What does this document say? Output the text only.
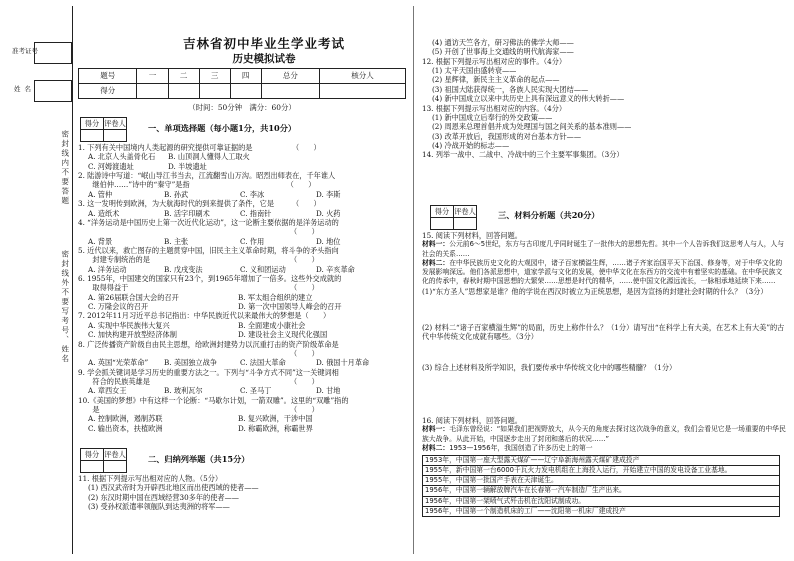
准考证号
姓名
密封线内不要答题
密封线外不要写考号、姓名
吉林省初中毕业生学业考试
历史模拟试卷
题号	一	二	三	四	总分	核分人
得分						
（时间：50分钟　满分：60分）
得分	评卷人
		一、单项选择题（每小题1分，共10分）

1. 下列有关中国境内人类起源的研究提供可靠证据的是　　　　　　（　　）

A. 北京人头盖骨化石 B. 山顶洞人懂得人工取火

C. 河姆渡遗址	D. 半坡遗址

2. 陆游诗中写道：“岷山导江书当去，江流翻雪山万沟。昭烈出师表在，千年谁人

　　继伯仲……”诗中的“秦守”是指　　　　　　　　　　　　　　（　　）

A. 管仲	B. 孙武	C. 李冰	D. 李斯

3. 这一发明传到欧洲，为大航海时代的到来提供了条件，它是　　　（　　）

A. 造纸术	B. 活字印刷术	C. 指南针	D. 火药

4. “洋务运动是中国历史上第一次近代化运动”，这一论断主要依据的是洋务运动的

　　　　　　　　　　　　　　　　　　　　　　　　　　　　　　（　　）

A. 背景	B. 主张	C. 作用	D. 地位

5. 近代以来，救亡图存的主题贯穿中国，旧民主主义革命时期，将斗争的矛头指向

　　封建专制统治的是　　　　　　　　　　　　　　　　　　　　（　　）

A. 洋务运动	B. 戊戌变法	C. 义和团运动	D. 辛亥革命

6. 1955年，中国建交的国家只有23个，到1965年增加了一倍多。这些外交成就的

　　取得得益于　　　　　　　　　　　　　　　　　　　　　　　（　　）

A. 第26届联合国大会的召开	B. 军太组合组织的建立

C. 万隆会议的召开	D. 第一次中国领导人峰会的召开

7. 2012年11月习近平总书记指出：中华民族近代以来最伟大的梦想是（　　）

A. 实现中华民族伟大复兴	B. 全面建成小康社会

C. 加快构建开放型经济体制	D. 建设社会主义现代化强国

8. 广泛传播资产阶级自由民主思想，给欧洲封建势力以沉重打击的资产阶级革命是

　　　　　　　　　　　　　　　　　　　　　　　　　　　　　　（　　）

A. 英国“光荣革命” B. 美国独立战争	C. 法国大革命	D. 俄国十月革命

9. 学会抓关键词是学习历史的重要方法之一。下列与“斗争方式不同”这一关键词相

　　符合的民族英雄是　　　　　　　　　　　　　　　　　　　　（　　）

A. 章西女王	B. 玻利瓦尔	C. 圣马丁	D. 甘地

10.《美国的梦想》中有这样一个论断：“马歇尔计划，一箭双雕”。这里的“双雕”指的

　　是　　　　　　　　　　　　　　　　　　　　　　　　　　　（　　）

A. 控制欧洲，遏制苏联	B. 复兴欧洲，干涉中国

C. 输出资本，扶植欧洲	D. 称霸欧洲，称霸世界

得分	评卷人
		二、归纳列举题（共15分）

11. 根据下列提示写出相对应的人物。（5分）

(1) 西汉武帝时为开辟西北地区而出使西域的使者——

(2) 东汉时期中国在西域经营30多年的使者——

(3) 受孙权派遣率领舰队到达夷洲的将军——

(4) 通访天竺各方，研习佛法的佛学大师——

(5) 开创了世事海上交通线的明代航海家——

12. 根据下列提示写出相对应的事件。（4分）

(1) 太平天国由盛转衰——

(2) 星辉律，新民主主义革命的起点——

(3) 祖国大陆获得统一，各族人民实现大团结——

(4) 新中国成立以来中共历史上具有深远意义的伟大转折——

13. 根据下列提示写出相对应的内容。（4分）

(1) 新中国成立后奉行的外交政策——

(2) 周恩来总理首倡并成为处理国与国之间关系的基本准则——

(3) 改革开放后，我国形成的对台基本方针——

(4) 冷战开始的标志——

14. 列举一战中、二战中、冷战中的三个主要军事集团。（3分）

得分	评卷人
		三、材料分析题（共20分）

15. 阅读下列材料，回答问题。

材料一：公元前6～5世纪，东方与古印度几乎同时诞生了一批伟大的思想先哲。其中一个人告诉我们这思考人与人，人与社会的关系……

材料二：在中华民族历史文化的大观园中，诸子百家横溢生辉，……诸子齐家治国平天下治国、修身等，对于中华文化的发展影响深远。他们各派思想中，道家学派与文化的发展，使中华文化在东西方的交流中有着坚实的基础。在中华民族文化的传承中，春秋时期中国思想的大繁荣……思想是时代的精华，……使中国文化源远流长，一脉相承地延续下来……

(1)“东方圣人”思想家是谁？他的学说在西汉时被立为正统思想，是因为宣扬的封建社会时期的什么？（3分）

(2) 材料二“诸子百家横溢生辉”的局面，历史上称作什么？（1分）请写出“在科学上有大美，在艺术上有大美”的古代中华传统文化成就有哪些。（3分）

(3) 综合上述材料及所学知识，我们要传承中华传统文化中的哪些精髓？（1分）

16. 阅读下列材料，回答问题。

材料一：毛泽东曾经说：“如果我们把视野放大，从今天的角度去探讨这次战争的意义，我们会看见它是一场重要的中华民族大战争。从此开始，中国逐步走出了封闭和落后的状况……”

材料二：1953—1956年，我国创造了许多历史上的第一

1953年，中国第一座大型露天煤矿——辽宁阜新海州露天煤矿建成投产

1955年，新中国第一台6000千瓦火力发电机组在上海投入运行，开始建立中国的发电设备工业基地。

1955年，中国第一批国产手表在天津诞生。

1956年，中国第一辆解放牌汽车在长春第一汽车制造厂生产出来。

1956年，中国第一架喷气式歼击机在沈阳试制成功。

1956年，中国第一个制造机床的工厂——沈阳第一机床厂建成投产
